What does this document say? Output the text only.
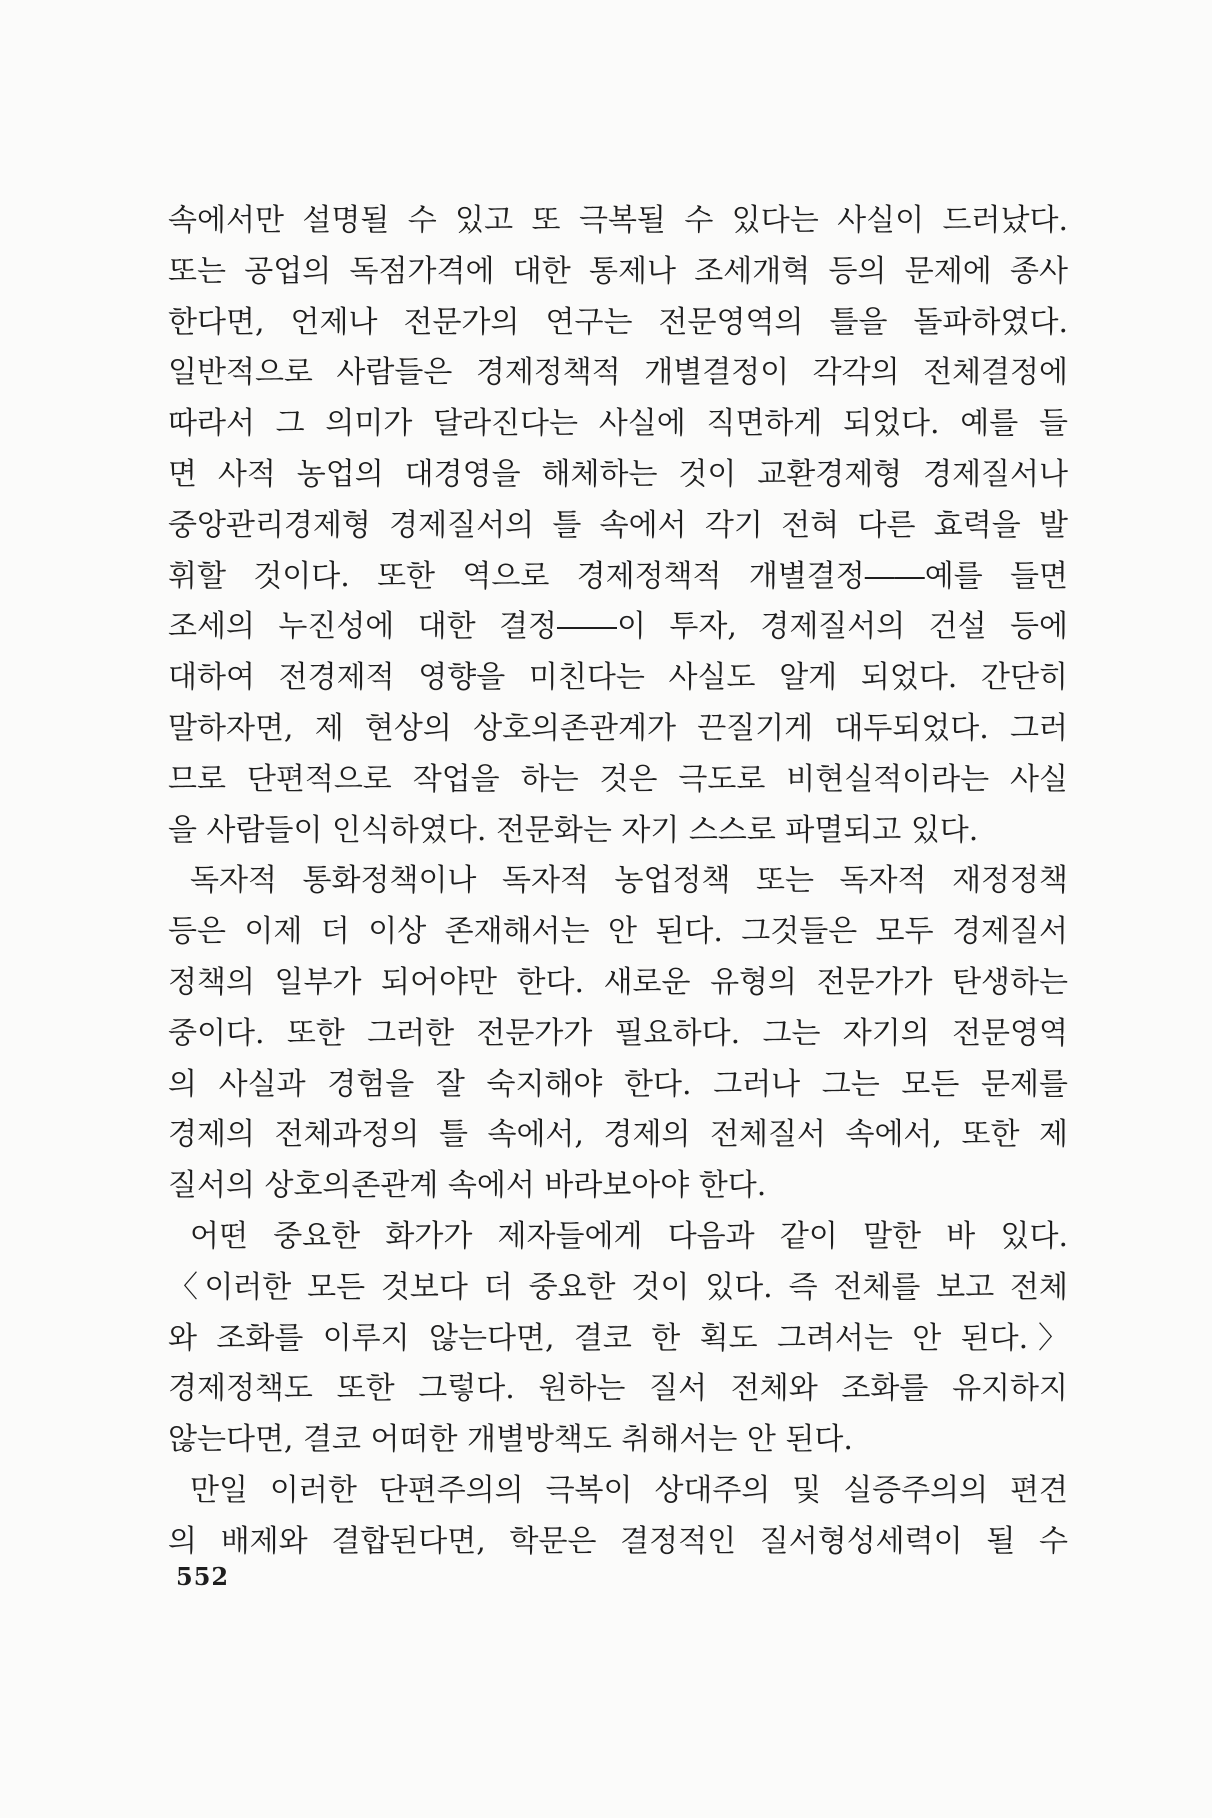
속에서만 설명될 수 있고 또 극복될 수 있다는 사실이 드러났다.
또는 공업의 독점가격에 대한 통제나 조세개혁 등의 문제에 종사
한다면, 언제나 전문가의 연구는 전문영역의 틀을 돌파하였다.
일반적으로 사람들은 경제정책적 개별결정이 각각의 전체결정에
따라서 그 의미가 달라진다는 사실에 직면하게 되었다. 예를 들
면 사적 농업의 대경영을 해체하는 것이 교환경제형 경제질서나
중앙관리경제형 경제질서의 틀 속에서 각기 전혀 다른 효력을 발
휘할 것이다. 또한 역으로 경제정책적 개별결정――예를 들면
조세의 누진성에 대한 결정――이 투자, 경제질서의 건설 등에
대하여 전경제적 영향을 미친다는 사실도 알게 되었다. 간단히
말하자면, 제 현상의 상호의존관계가 끈질기게 대두되었다. 그러
므로 단편적으로 작업을 하는 것은 극도로 비현실적이라는 사실
을 사람들이 인식하였다. 전문화는 자기 스스로 파멸되고 있다.
독자적 통화정책이나 독자적 농업정책 또는 독자적 재정정책
등은 이제 더 이상 존재해서는 안 된다. 그것들은 모두 경제질서
정책의 일부가 되어야만 한다. 새로운 유형의 전문가가 탄생하는
중이다. 또한 그러한 전문가가 필요하다. 그는 자기의 전문영역
의 사실과 경험을 잘 숙지해야 한다. 그러나 그는 모든 문제를
경제의 전체과정의 틀 속에서, 경제의 전체질서 속에서, 또한 제
질서의 상호의존관계 속에서 바라보아야 한다.
어떤 중요한 화가가 제자들에게 다음과 같이 말한 바 있다.
〈이러한 모든 것보다 더 중요한 것이 있다. 즉 전체를 보고 전체
와 조화를 이루지 않는다면, 결코 한 획도 그려서는 안 된다.〉
경제정책도 또한 그렇다. 원하는 질서 전체와 조화를 유지하지
않는다면, 결코 어떠한 개별방책도 취해서는 안 된다.
만일 이러한 단편주의의 극복이 상대주의 및 실증주의의 편견
의 배제와 결합된다면, 학문은 결정적인 질서형성세력이 될 수
552
